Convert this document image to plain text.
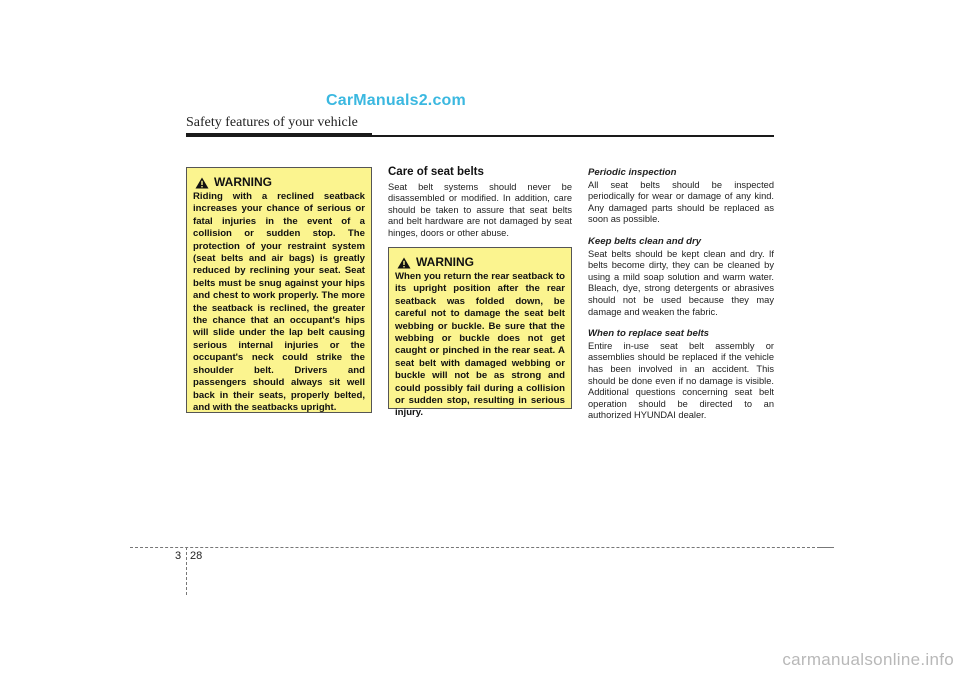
CarManuals2.com
Safety features of your vehicle
WARNING
Riding with a reclined seatback increases your chance of serious or fatal injuries in the event of a collision or sudden stop. The protection of your restraint system (seat belts and air bags) is greatly reduced by reclining your seat. Seat belts must be snug against your hips and chest to work properly. The more the seatback is reclined, the greater the chance that an occupant's hips will slide under the lap belt causing serious internal injuries or the occupant's neck could strike the shoulder belt. Drivers and passengers should always sit well back in their seats, properly belted, and with the seatbacks upright.
Care of seat belts
Seat belt systems should never be disassembled or modified. In addition, care should be taken to assure that seat belts and belt hardware are not damaged by seat hinges, doors or other abuse.
WARNING
When you return the rear seatback to its upright position after the rear seatback was folded down, be careful not to damage the seat belt webbing or buckle. Be sure that the webbing or buckle does not get caught or pinched in the rear seat. A seat belt with damaged webbing or buckle will not be as strong and could possibly fail during a collision or sudden stop, resulting in serious injury.
Periodic inspection
All seat belts should be inspected periodically for wear or damage of any kind. Any damaged parts should be replaced as soon as possible.
Keep belts clean and dry
Seat belts should be kept clean and dry. If belts become dirty, they can be cleaned by using a mild soap solution and warm water. Bleach, dye, strong detergents or abrasives should not be used because they may damage and weaken the fabric.
When to replace seat belts
Entire in-use seat belt assembly or assemblies should be replaced if the vehicle has been involved in an accident. This should be done even if no damage is visible. Additional questions concerning seat belt operation should be directed to an authorized HYUNDAI dealer.
3 28
carmanualsonline.info
